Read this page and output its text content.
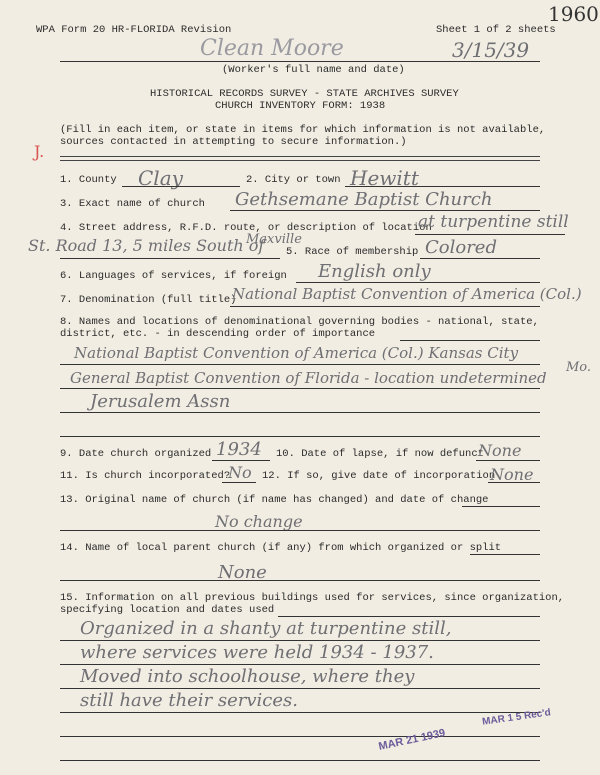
WPA Form 20 HR-FLORIDA Revision	Sheet 1 of 2 sheets
1960
Clean Moore	3/15/39
(Worker's full name and date)
HISTORICAL RECORDS SURVEY - STATE ARCHIVES SURVEY
CHURCH INVENTORY FORM: 1938
(Fill in each item, or state in items for which information is not available,
sources contacted in attempting to secure information.)
J.
1. County Clay	2. City or town Hewitt
3. Exact name of church Gethsemane Baptist Church
4. Street address, R.F.D. route, or description of location
at turpentine still
St. Road 13, 5 miles South of
Maxville
5. Race of membership Colored
6. Languages of services, if foreign English only
7. Denomination (full title)
National Baptist Convention of America (Col.)
8. Names and locations of denominational governing bodies - national, state,
district, etc. - in descending order of importance
National Baptist Convention of America (Col.) Kansas City
Mo.
General Baptist Convention of Florida - location undetermined
Jerusalem Assn
9. Date church organized 1934 10. Date of lapse, if now defunct
None
11. Is church incorporated?
No 12. If so, give date of incorporation
None
13. Original name of church (if name has changed) and date of change
No change
14. Name of local parent church (if any) from which organized or split
None
15. Information on all previous buildings used for services, since organization,
specifying location and dates used
Organized in a shanty at turpentine still,
where services were held 1934 - 1937.
Moved into schoolhouse, where they
still have their services.
MAR 21 1939
MAR 1 5 Rec'd
